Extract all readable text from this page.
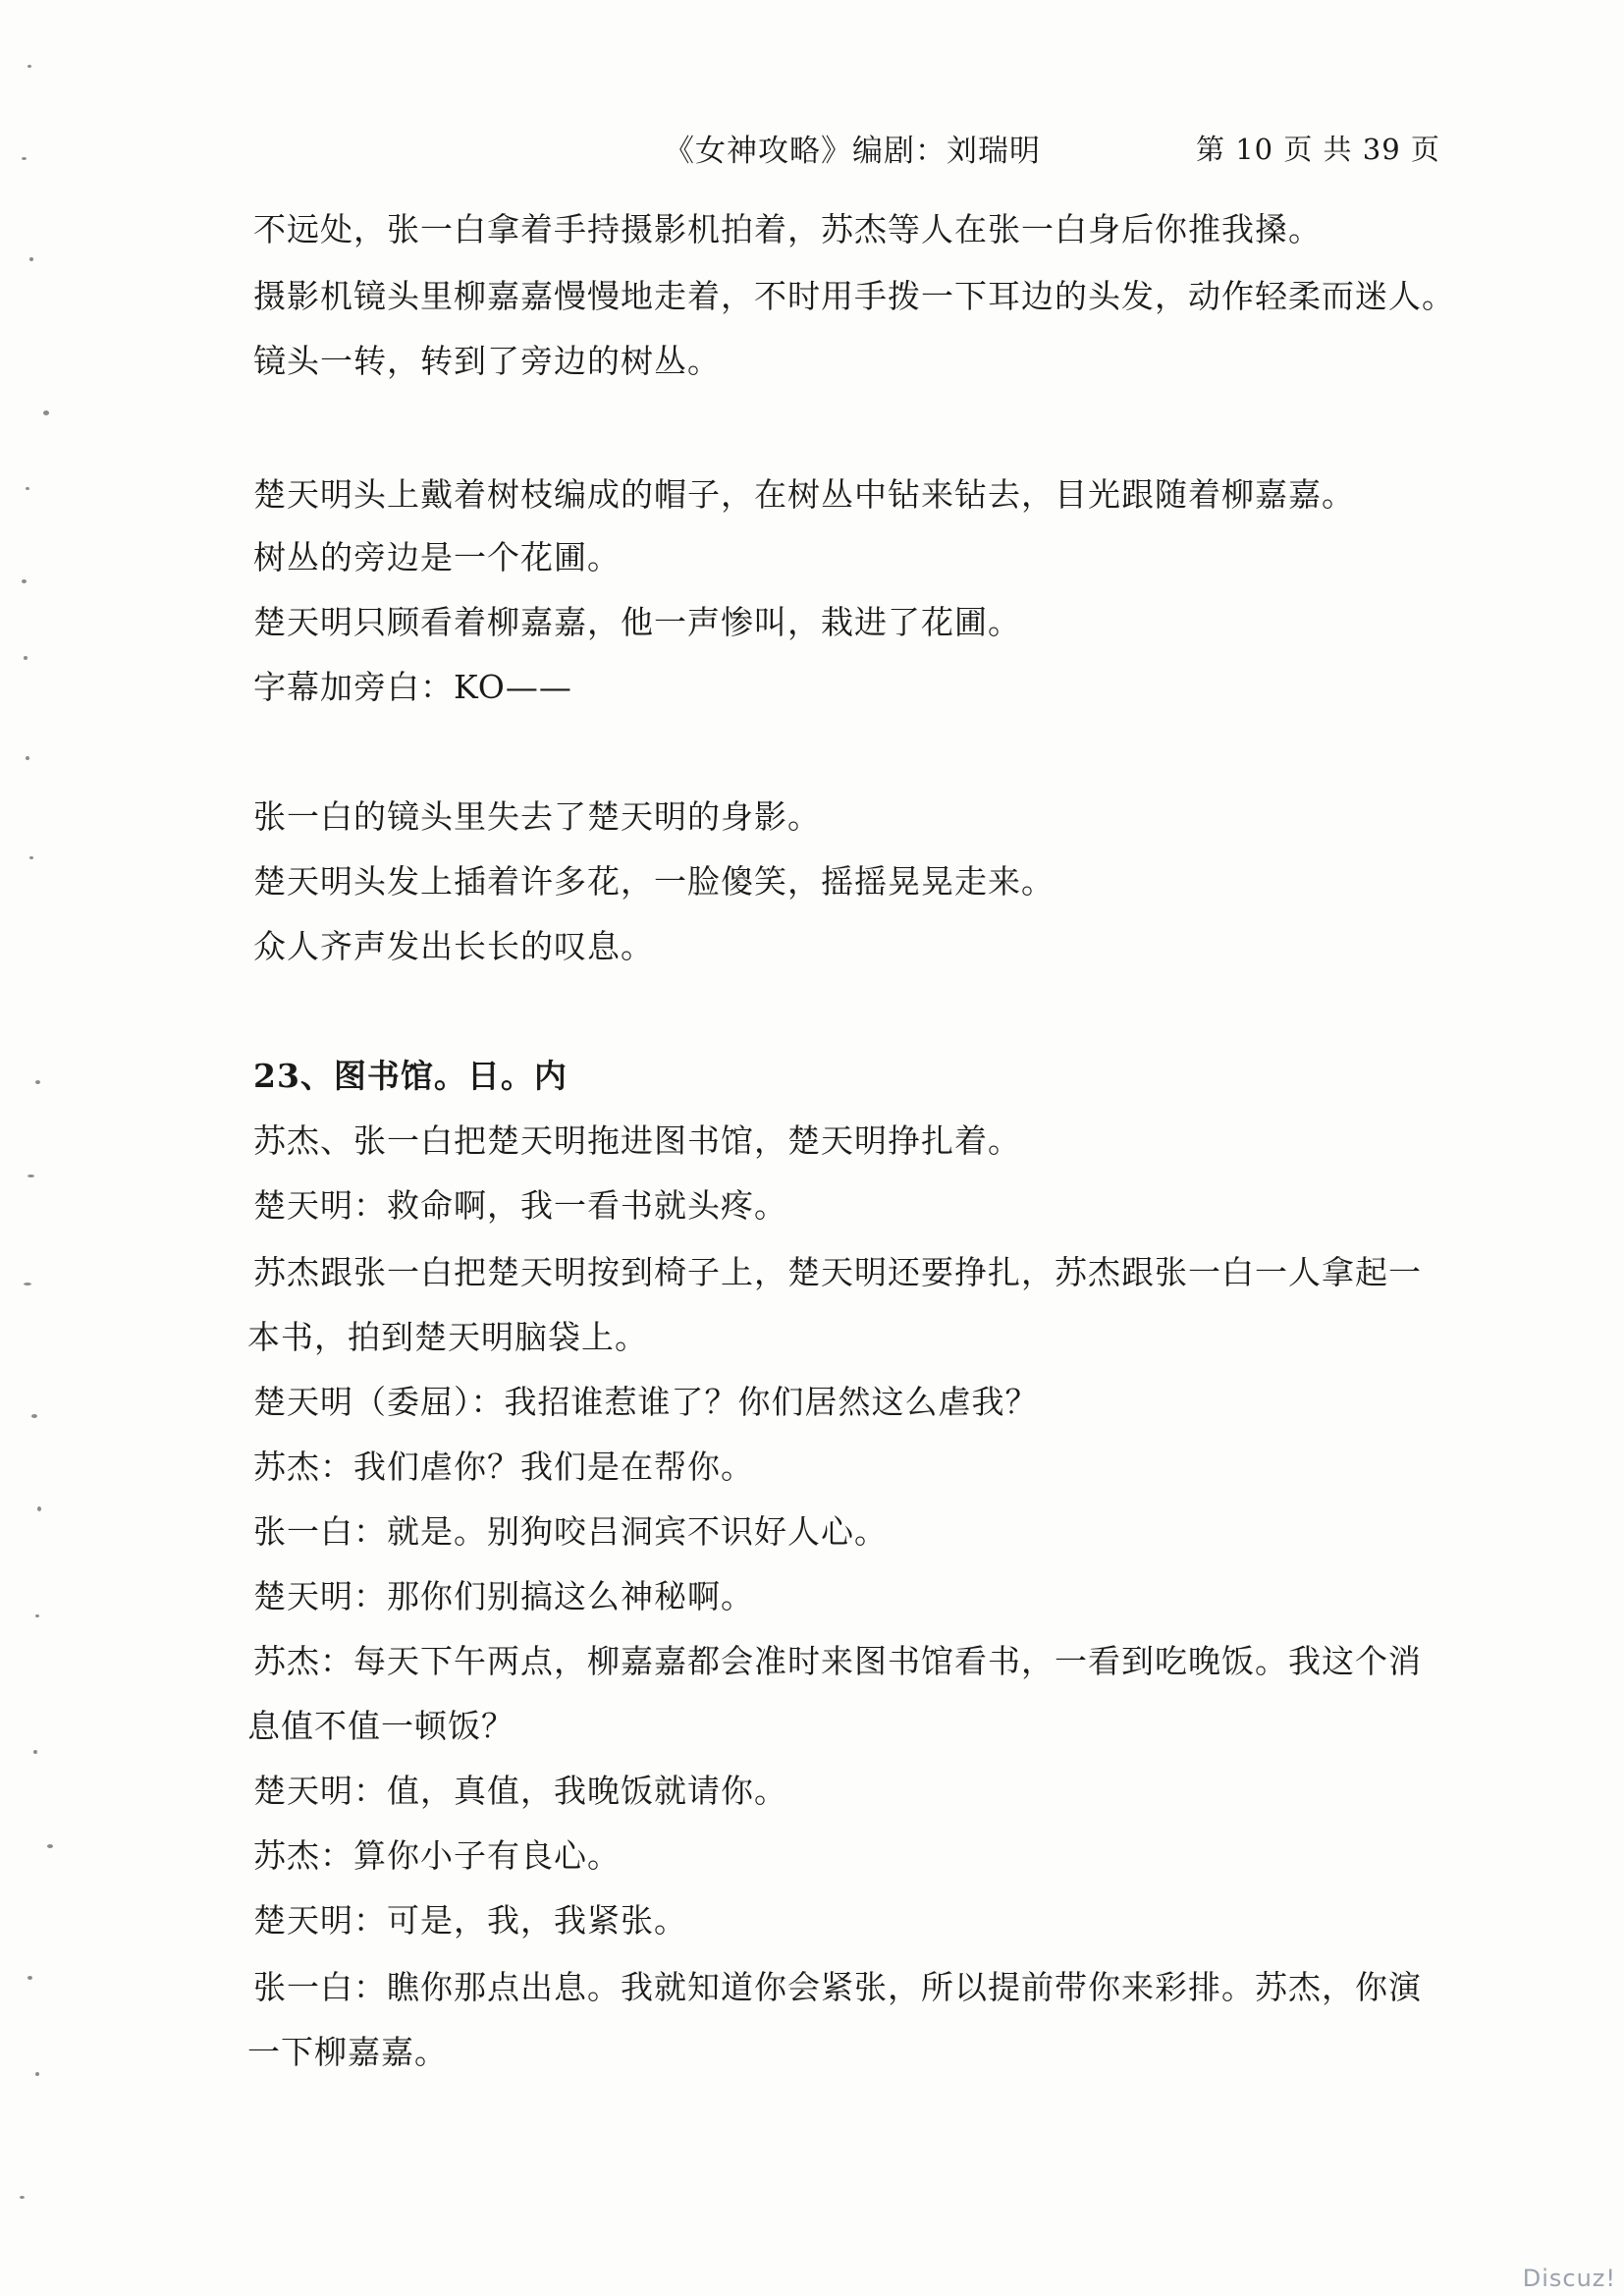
《女神攻略》编剧：刘瑞明	第 10 页 共 39 页
不远处，张一白拿着手持摄影机拍着，苏杰等人在张一白身后你推我搡。
摄影机镜头里柳嘉嘉慢慢地走着，不时用手拨一下耳边的头发，动作轻柔而迷人。
镜头一转，转到了旁边的树丛。
楚天明头上戴着树枝编成的帽子，在树丛中钻来钻去，目光跟随着柳嘉嘉。
树丛的旁边是一个花圃。
楚天明只顾看着柳嘉嘉，他一声惨叫，栽进了花圃。
字幕加旁白：KO——
张一白的镜头里失去了楚天明的身影。
楚天明头发上插着许多花，一脸傻笑，摇摇晃晃走来。
众人齐声发出长长的叹息。
23、图书馆。日。内
苏杰、张一白把楚天明拖进图书馆，楚天明挣扎着。
楚天明：救命啊，我一看书就头疼。
苏杰跟张一白把楚天明按到椅子上，楚天明还要挣扎，苏杰跟张一白一人拿起一
本书，拍到楚天明脑袋上。
楚天明（委屈）：我招谁惹谁了？你们居然这么虐我？
苏杰：我们虐你？我们是在帮你。
张一白：就是。别狗咬吕洞宾不识好人心。
楚天明：那你们别搞这么神秘啊。
苏杰：每天下午两点，柳嘉嘉都会准时来图书馆看书，一看到吃晚饭。我这个消
息值不值一顿饭？
楚天明：值，真值，我晚饭就请你。
苏杰：算你小子有良心。
楚天明：可是，我，我紧张。
张一白：瞧你那点出息。我就知道你会紧张，所以提前带你来彩排。苏杰，你演
一下柳嘉嘉。
Discuz!
